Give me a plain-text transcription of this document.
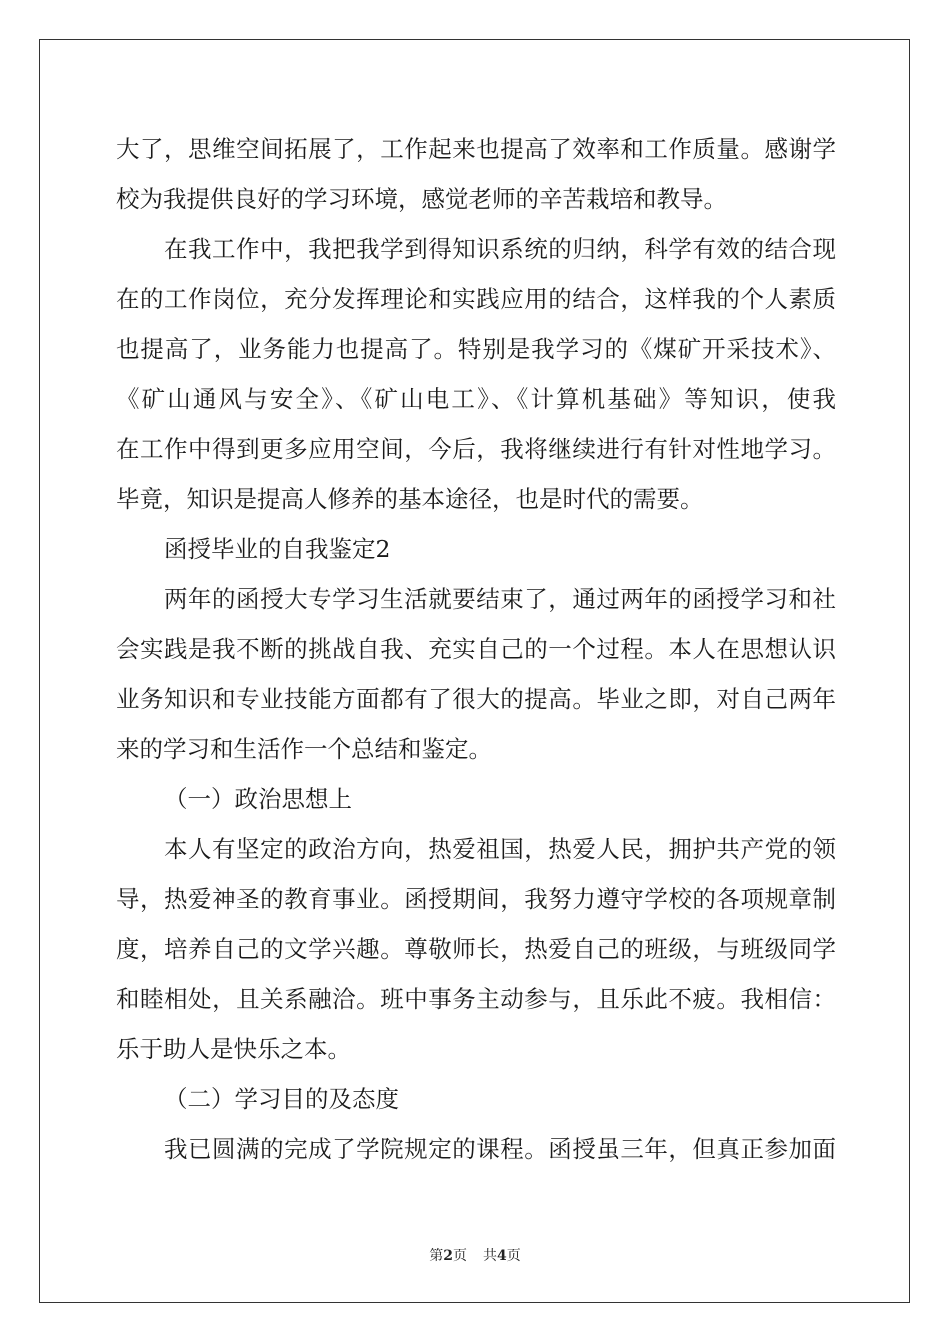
大了，思维空间拓展了，工作起来也提高了效率和工作质量。感谢学
校为我提供良好的学习环境，感觉老师的辛苦栽培和教导。
在我工作中，我把我学到得知识系统的归纳，科学有效的结合现
在的工作岗位，充分发挥理论和实践应用的结合，这样我的个人素质
也提高了，业务能力也提高了。特别是我学习的《煤矿开采技术》、
《矿山通风与安全》、《矿山电工》、《计算机基础》等知识，使我
在工作中得到更多应用空间，今后，我将继续进行有针对性地学习。
毕竟，知识是提高人修养的基本途径，也是时代的需要。
函授毕业的自我鉴定2
两年的函授大专学习生活就要结束了，通过两年的函授学习和社
会实践是我不断的挑战自我、充实自己的一个过程。本人在思想认识
业务知识和专业技能方面都有了很大的提高。毕业之即，对自己两年
来的学习和生活作一个总结和鉴定。
（一）政治思想上
本人有坚定的政治方向，热爱祖国，热爱人民，拥护共产党的领
导，热爱神圣的教育事业。函授期间，我努力遵守学校的各项规章制
度，培养自己的文学兴趣。尊敬师长，热爱自己的班级，与班级同学
和睦相处，且关系融洽。班中事务主动参与，且乐此不疲。我相信：
乐于助人是快乐之本。
（二）学习目的及态度
我已圆满的完成了学院规定的课程。函授虽三年，但真正参加面
第2页 共4页
